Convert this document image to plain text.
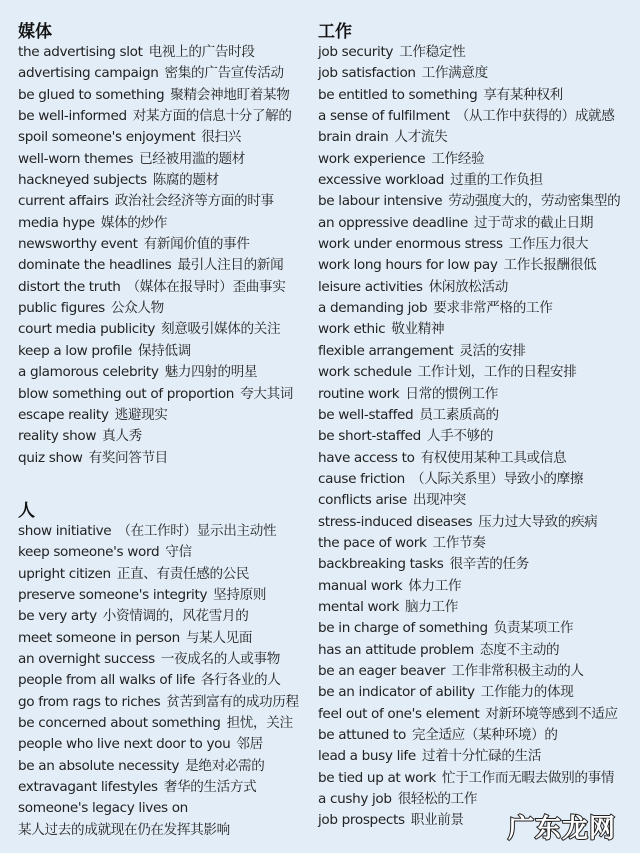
媒体
the advertising slot 电视上的广告时段
advertising campaign 密集的广告宣传活动
be glued to something 聚精会神地盯着某物
be well-informed 对某方面的信息十分了解的
spoil someone's enjoyment 很扫兴
well-worn themes 已经被用滥的题材
hackneyed subjects 陈腐的题材
current affairs 政治社会经济等方面的时事
media hype 媒体的炒作
newsworthy event 有新闻价值的事件
dominate the headlines 最引人注目的新闻
distort the truth （媒体在报导时）歪曲事实
public figures 公众人物
court media publicity 刻意吸引媒体的关注
keep a low profile 保持低调
a glamorous celebrity 魅力四射的明星
blow something out of proportion 夸大其词
escape reality 逃避现实
reality show 真人秀
quiz show 有奖问答节目
人
show initiative （在工作时）显示出主动性
keep someone's word 守信
upright citizen 正直、有责任感的公民
preserve someone's integrity 坚持原则
be very arty 小资情调的，风花雪月的
meet someone in person 与某人见面
an overnight success 一夜成名的人或事物
people from all walks of life 各行各业的人
go from rags to riches 贫苦到富有的成功历程
be concerned about something 担忧，关注
people who live next door to you 邻居
be an absolute necessity 是绝对必需的
extravagant lifestyles 奢华的生活方式
someone's legacy lives on
某人过去的成就现在仍在发挥其影响
工作
job security 工作稳定性
job satisfaction 工作满意度
be entitled to something 享有某种权利
a sense of fulfilment （从工作中获得的）成就感
brain drain 人才流失
work experience 工作经验
excessive workload 过重的工作负担
be labour intensive 劳动强度大的，劳动密集型的
an oppressive deadline 过于苛求的截止日期
work under enormous stress 工作压力很大
work long hours for low pay 工作长报酬很低
leisure activities 休闲放松活动
a demanding job 要求非常严格的工作
work ethic 敬业精神
flexible arrangement 灵活的安排
work schedule 工作计划，工作的日程安排
routine work 日常的惯例工作
be well-staffed 员工素质高的
be short-staffed 人手不够的
have access to 有权使用某种工具或信息
cause friction （人际关系里）导致小的摩擦
conflicts arise 出现冲突
stress-induced diseases 压力过大导致的疾病
the pace of work 工作节奏
backbreaking tasks 很辛苦的任务
manual work 体力工作
mental work 脑力工作
be in charge of something 负责某项工作
has an attitude problem 态度不主动的
be an eager beaver 工作非常积极主动的人
be an indicator of ability 工作能力的体现
feel out of one's element 对新环境等感到不适应
be attuned to 完全适应（某种环境）的
lead a busy life 过着十分忙碌的生活
be tied up at work 忙于工作而无暇去做别的事情
a cushy job 很轻松的工作
job prospects 职业前景	广东龙网
